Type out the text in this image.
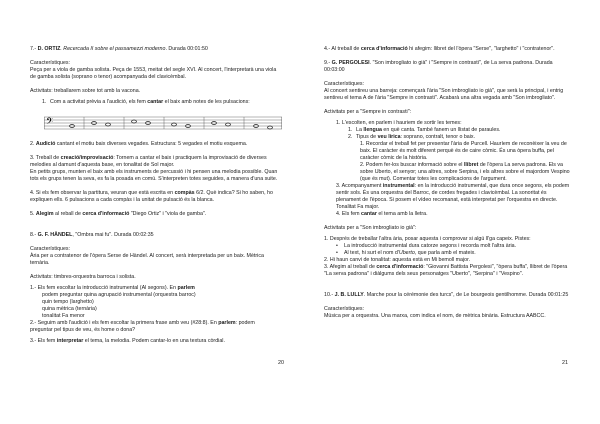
7.- D. ORTIZ. Recercada II sobre el passamezzi moderno. Durada 00:01:50

Característiques:

Peça per a viola de gamba solista. Peça de 1553, meitat del segle XVI. Al concert, l'interpretarà una viola de gamba solista (soprano o tenor) acompanyada del clavicèmbal.

Activitats: treballarem sobre tot amb la vacona.

1. Com a activitat prèvia a l'audició, els fem cantar el baix amb notes de les pulsacions:
𝄢

2. Audició cantant el motiu baix diverses vegades. Estructura: 5 vegades el motiu esquema.

3. Treball de creació/improvisació: Tornem a cantar el baix i practiquem la improvisació de diverses melodies al damunt d'aquesta base, en tonalitat de Sol major.

En petits grups, munten el baix amb els instruments de percussió i hi pensen una melodia possible. Quan tots els grups tenen la seva, es fa la posada en comú. S'interpreten totes seguides, a manera d'una suite.

4. Si els fem observar la partitura, veuran que està escrita en compàs 6/2. Què indica? Si ho saben, ho expliquen ells. 6 pulsacions a cada compàs i la unitat de pulsació és la blanca.

5. Alegim al reball de cerca d'informació "Diego Ortiz" i "viola de gamba".

8.- G. F. HÄNDEL, "Ombra mai fu". Durada 00:02:35

Característiques:

Ària per a contratenor de l'òpera Serse de Händel. Al concert, serà interpretada per un baix. Mètrica ternària.

Activitats: timbres-orquestra barroca i solista.

1.- Els fem escoltar la introducció instrumental (Al segons). En parlem

podem preguntar quina agrupació instrumental (orquestra barroc)

quin tempo (larghetto)

quina mètrica (ternària)

tonalitat Fa menor

2.- Seguim amb l'audició i els fem escoltar la primera frase amb veu (#28:8). En parlem: podem preguntar pel tipus de veu, és home o dona?

3.- Els fem interpretar el tema, la melodia. Podem cantar-lo en una textura còrdial.

20

4.- Al treball de cerca d'informació hi afegim: llibret del l'òpera "Serse", "larghetto" i "contratenor".

9.- G. PERGOLESI. "Son imbrogliato io già" i "Sempre in contrasti", de La serva padrona. Durada 00:03:00

Característiques:

Al concert sentireu una barreja: començarà l'ària "Son imbrogliato io già", que serà la principal, i entrig sentireu el tema A de l'ària "Sempre in contrasti". Acabarà una altra vegada amb "Son imbrogliato".

Activitats per a "Sempre in contrasti":

1. L'escolten, en parlem i hauriem de sortir les temes:

1. La llengua en què canta. També fanem un llistat de paraules.
2. Tipus de veu lírica: soprano, contralt, tenor o baix.

1. Recordar el treball fet per presentar l'ària de Purcell. Hauríem de reconèixer la veu de baix. El caràcter és molt diferent perquè és de caire còmic. És una òpera buffa, pel caràcter còmic de la història.

2. Podem fer-los buscar informació sobre el llibret de l'òpera La serva padrona. Els va sobre Uberto, el senyor; una altres, sobre Serpina, i els altres sobre el majordom Vespino (que és mut). Comentar totes les complicacions de l'argument.

3. Acompanyament instrumental: en la introducció instrumental, que dura once segons, els podem sentir sols. És una orquestra del Barroc, de cordes fregades i clavicèmbal. La sonoritat és plenament de l'època. Si posem el vídeo recomanat, està interpretat per l'orquestra en directe. Tonalitat Fa major.

4. Els fem cantar el tema amb la lletra.

Activitats per a "Son imbrogliato io già":

1. Després de treballar l'altra ària, posar aquesta i comprovar si algú ll'ga capeix. Pistes:

•	La introducció instrumental dura catorze segons i recorda molt l'altra ària.
•	Al text, hi surt el nom d'Uberto, que parla amb el mateix.

2. Hi haun canvi de tonalitat: aquesta està en Mi bemoll major.

3. Afegim al treball de cerca d'informació: "Giovanni Battista Pergolesi", "òpera buffa", llibret de l'òpera "La serva padrona" i diàlgums dels seus personatges "Uberto", "Serpina" i "Vespino".

10.- J. B. LULLY. Marche pour la cérémonie des turcs", de Le bourgeois gentilhomme. Durada 00:01:25

Característiques:

Música per a orquestra. Una marxa, com indica el nom, de mètrica binària. Estructura AABCC.

21
